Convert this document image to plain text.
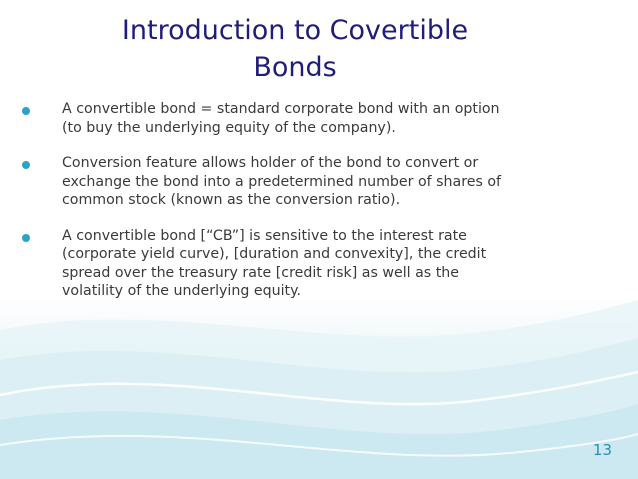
Introduction to Covertible
Bonds
A convertible bond = standard corporate bond with an option
(to buy the underlying equity of the company).
Conversion feature allows holder of the bond to convert or
exchange the bond into a predetermined number of shares of
common stock (known as the conversion ratio).
A convertible bond [“CB”] is sensitive to the interest rate
(corporate yield curve), [duration and convexity], the credit
spread over the treasury rate [credit risk] as well as the
volatility of the underlying equity.
13
